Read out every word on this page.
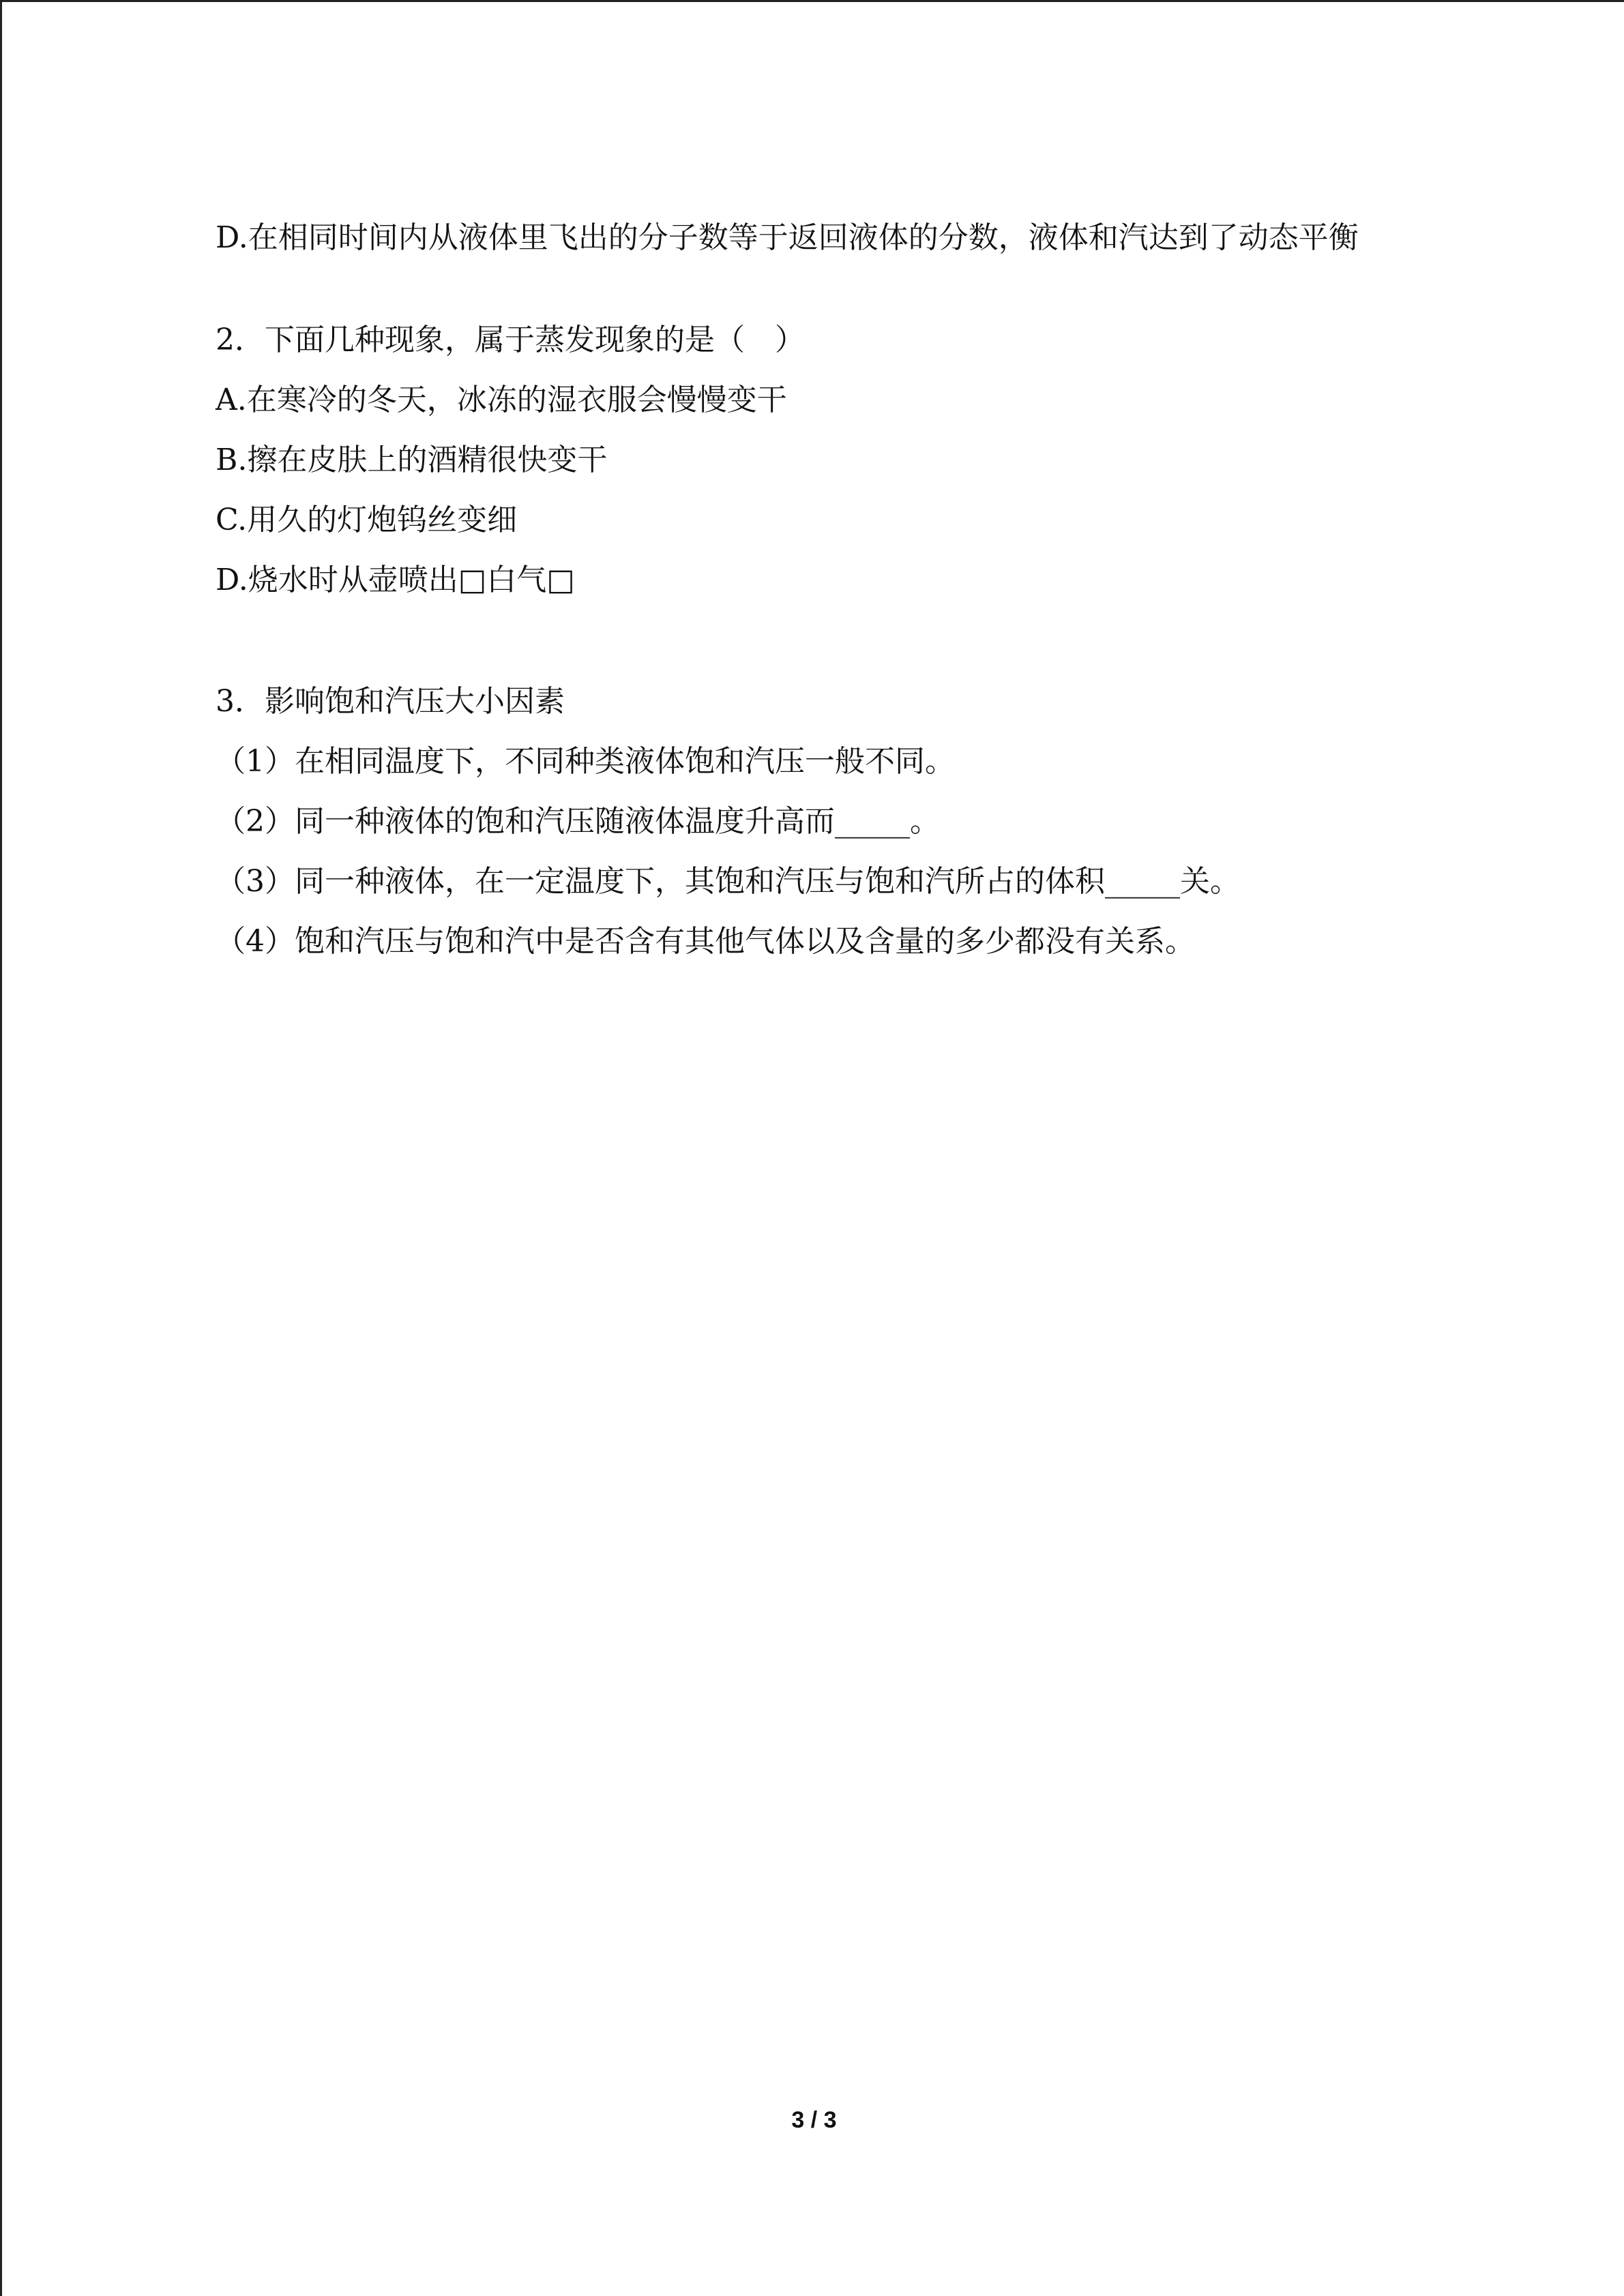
D.在相同时间内从液体里飞出的分子数等于返回液体的分数，液体和汽达到了动态平衡
2．下面几种现象，属于蒸发现象的是（　）
A.在寒冷的冬天，冰冻的湿衣服会慢慢变干
B.擦在皮肤上的酒精很快变干
C.用久的灯炮钨丝变细
D.烧水时从壶喷出□白气□
3．影响饱和汽压大小因素
（1）在相同温度下，不同种类液体饱和汽压一般不同。
（2）同一种液体的饱和汽压随液体温度升高而_____。
（3）同一种液体，在一定温度下，其饱和汽压与饱和汽所占的体积_____关。
（4）饱和汽压与饱和汽中是否含有其他气体以及含量的多少都没有关系。
3 / 3
